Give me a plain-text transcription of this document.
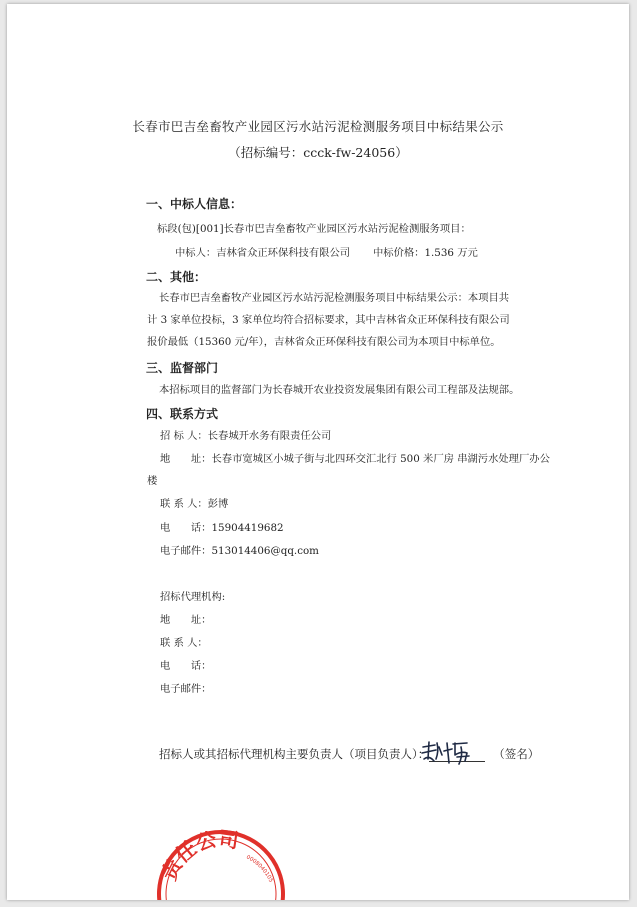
长春市巴吉垒畜牧产业园区污水站污泥检测服务项目中标结果公示
（招标编号：ccck-fw-24056）
一、中标人信息：
标段(包)[001]长春市巴吉垒畜牧产业园区污水站污泥检测服务项目：
中标人：吉林省众正环保科技有限公司 中标价格：1.536 万元
二、其他：
长春市巴吉垒畜牧产业园区污水站污泥检测服务项目中标结果公示：本项目共计 3 家单位投标，3 家单位均符合招标要求，其中吉林省众正环保科技有限公司报价最低（15360 元/年），吉林省众正环保科技有限公司为本项目中标单位。
三、监督部门
本招标项目的监督部门为长春城开农业投资发展集团有限公司工程部及法规部。
四、联系方式
招 标 人：长春城开水务有限责任公司
地　　址：长春市宽城区小城子街与北四环交汇北行 500 米厂房 串湖污水处理厂办公
楼
联 系 人：彭博
电　　话：15904419682
电子邮件：513014406@qq.com
招标代理机构:
地　　址：
联 系 人：
电　　话：
电子邮件：
招标人或其招标代理机构主要负责人（项目负责人）：	（签名）
责任公司
0008040105
